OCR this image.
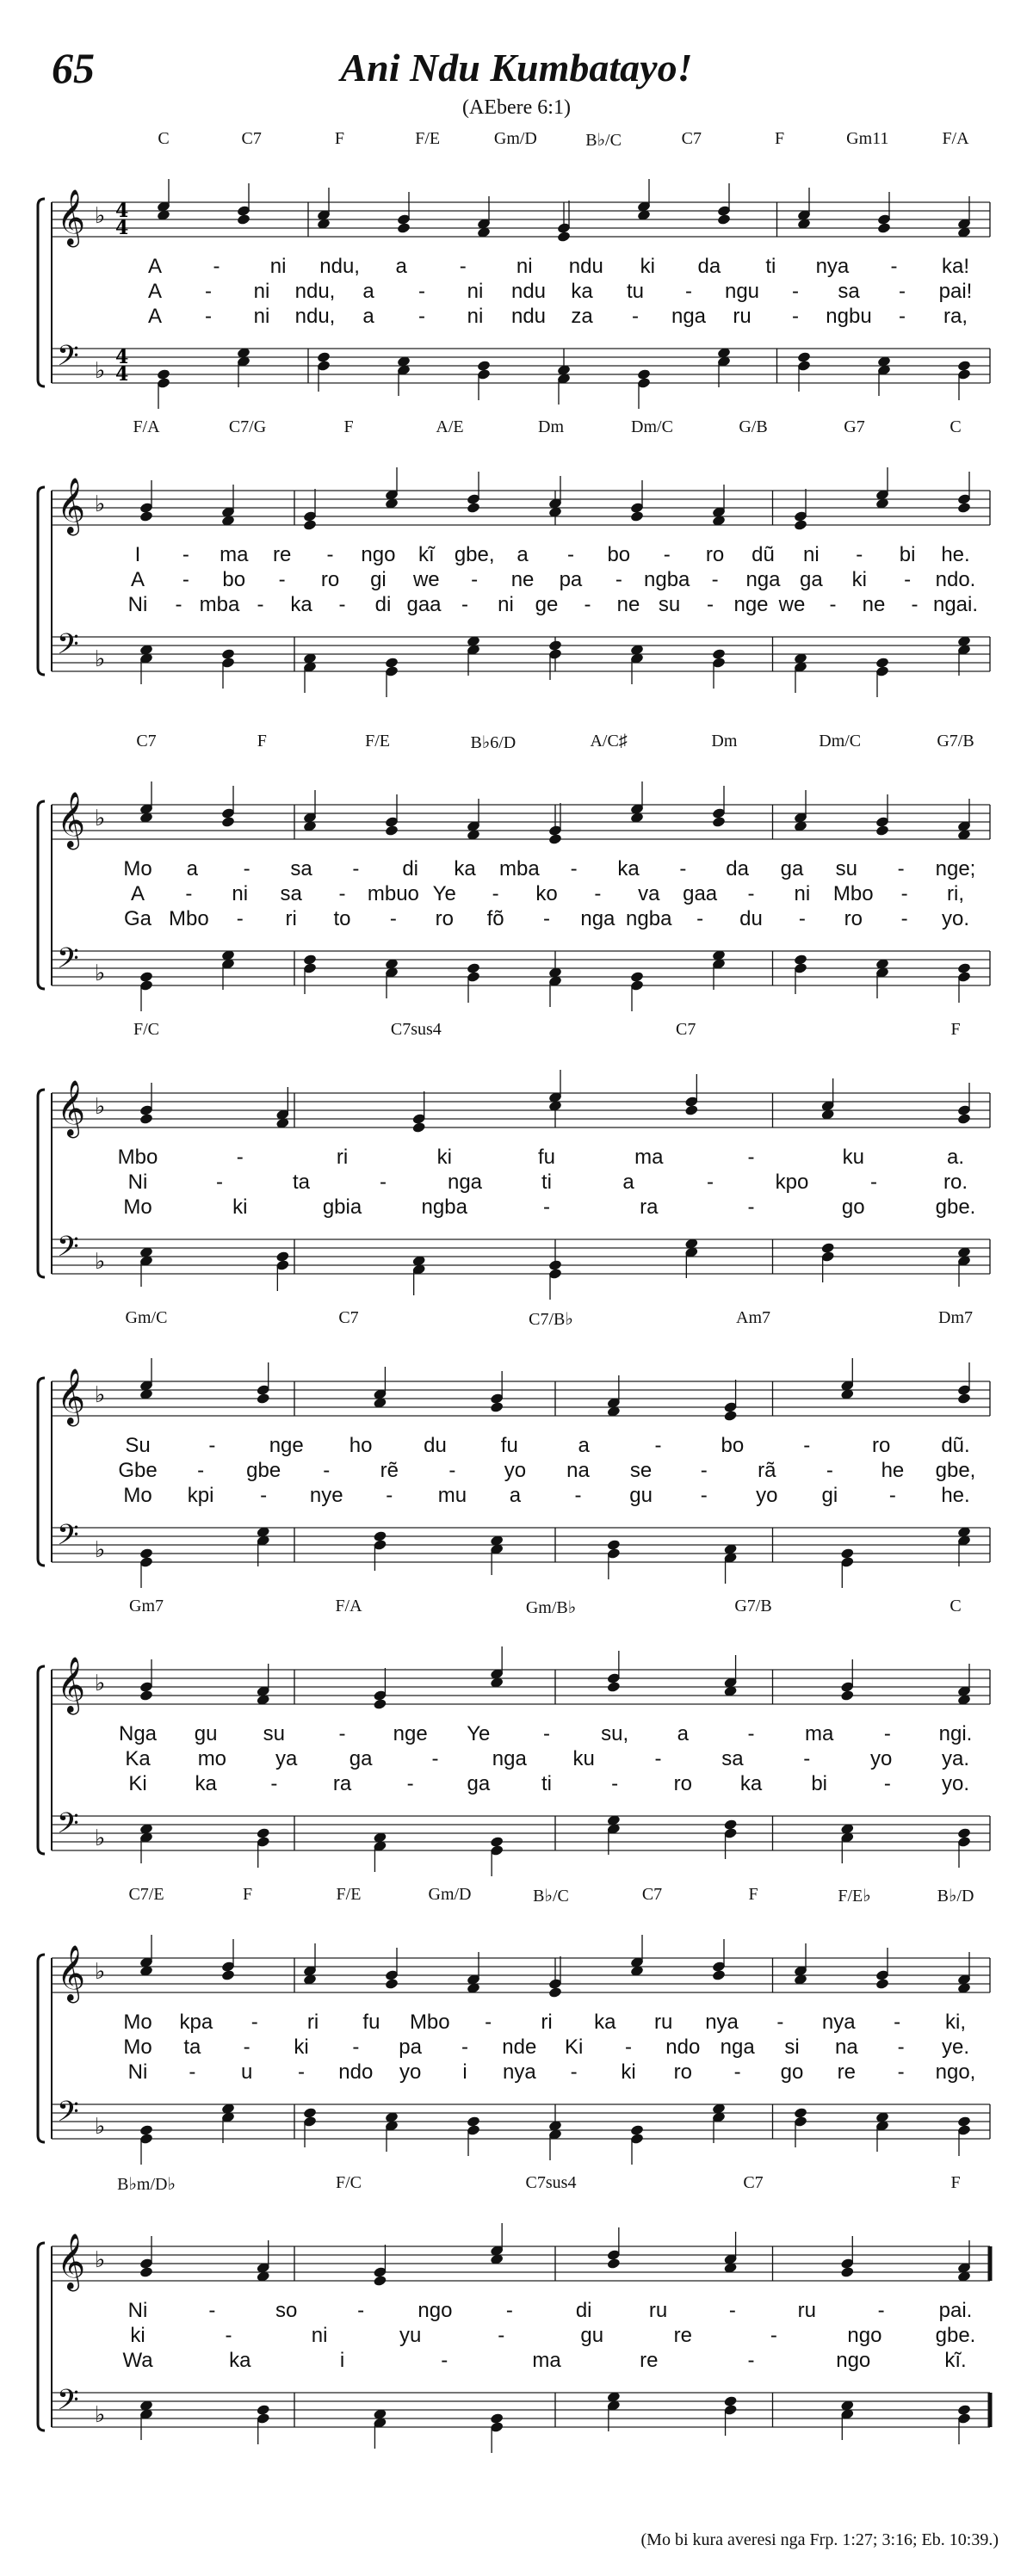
65	Ani Ndu Kumbatayo!
(AEbere 6:1)
𝄞 ♭
𝄢 ♭
4
4
4
4
C	C7	F	F/E	Gm/D	B♭/C	C7	F	Gm11	F/A
A - ni ndu, a	- ni ndu ki da ti nya - ka!
A - ni ndu, a - ni ndu ka tu - ngu - sa - pai!
A - ni ndu, a - ni ndu za - nga ru - ngbu - ra,
𝄞 ♭
𝄢 ♭
F/A	C7/G	F	A/E	Dm	Dm/C	G/B	G7	C
I - ma re - ngo kĩ gbe, a - bo - ro dũ ni - bi he.
A - bo - ro gi we - ne pa - ngba - nga ga ki - ndo.
Ni - mba - ka - di gaa - ni ge - ne su - nge we - ne - ngai.
𝄞 ♭
𝄢 ♭
C7	F	F/E	B♭6/D	A/C♯	Dm	Dm/C	G7/B
Mo a - sa - di ka mba - ka - da ga su - nge;
A - ni sa - mbuo Ye - ko - va gaa - ni Mbo - ri,
Ga Mbo - ri to - ro fõ - nga ngba - du - ro - yo.
𝄞 ♭
𝄢 ♭
F/C	C7sus4	C7	F
Mbo	-	ri	ki	fu	ma	-	ku	a.
Ni	-	ta	-	nga	ti	a	-	kpo	-	ro.
Mo	ki	gbia	ngba	-	ra	-	go	gbe.
𝄞 ♭
𝄢 ♭
Gm/C	C7	C7/B♭	Am7	Dm7
Su	-	nge ho du	fu	a	-	bo	-	ro dũ.
Gbe - gbe - rẽ - yo na se - rã - he gbe,
Mo kpi - nye - mu a	- gu - yo gi - he.
𝄞 ♭
𝄢 ♭
Gm7	F/A	Gm/B♭	G7/B	C
Nga gu su	- nge Ye	- su, a	- ma - ngi.
Ka mo ya	ga	-	nga ku	-	sa	-	yo ya.
Ki ka	-	ra	-	ga ti	-	ro ka bi	- yo.
𝄞 ♭
𝄢 ♭
C7/E	F	F/E	Gm/D	B♭/C	C7	F	F/E♭	B♭/D
Mo kpa - ri fu Mbo - ri ka ru nya - nya - ki,
Mo ta - ki - pa - nde Ki - ndo nga si na - ye.
Ni - u - ndo yo i nya - ki ro - go re - ngo,
𝄞 ♭
𝄢 ♭
B♭m/D♭	F/C	C7sus4	C7	F
Ni	-	so	-	ngo	-	di	ru	-	ru	-	pai.
ki	-	ni	yu	-	gu	re	-	ngo	gbe.
Wa	ka	i	-	ma	re	-	ngo	kĩ.
(Mo bi kura averesi nga Frp. 1:27; 3:16; Eb. 10:39.)
